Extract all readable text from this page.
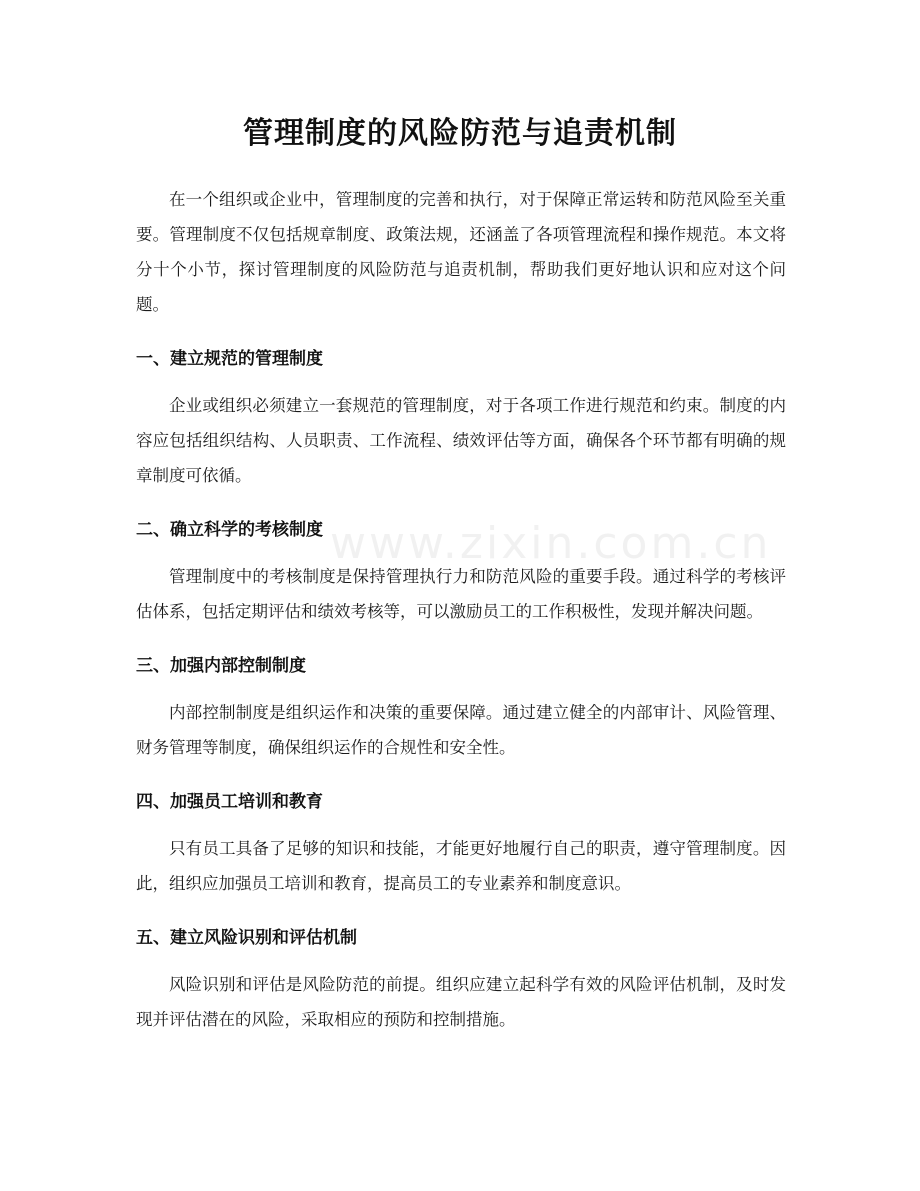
管理制度的风险防范与追责机制
www.zixin.com.cn

在一个组织或企业中，管理制度的完善和执行，对于保障正常运转和防范风险至关重要。管理制度不仅包括规章制度、政策法规，还涵盖了各项管理流程和操作规范。本文将分十个小节，探讨管理制度的风险防范与追责机制，帮助我们更好地认识和应对这个问题。

一、建立规范的管理制度

企业或组织必须建立一套规范的管理制度，对于各项工作进行规范和约束。制度的内容应包括组织结构、人员职责、工作流程、绩效评估等方面，确保各个环节都有明确的规章制度可依循。

二、确立科学的考核制度

管理制度中的考核制度是保持管理执行力和防范风险的重要手段。通过科学的考核评估体系，包括定期评估和绩效考核等，可以激励员工的工作积极性，发现并解决问题。

三、加强内部控制制度

内部控制制度是组织运作和决策的重要保障。通过建立健全的内部审计、风险管理、财务管理等制度，确保组织运作的合规性和安全性。

四、加强员工培训和教育

只有员工具备了足够的知识和技能，才能更好地履行自己的职责，遵守管理制度。因此，组织应加强员工培训和教育，提高员工的专业素养和制度意识。

五、建立风险识别和评估机制

风险识别和评估是风险防范的前提。组织应建立起科学有效的风险评估机制，及时发现并评估潜在的风险，采取相应的预防和控制措施。
